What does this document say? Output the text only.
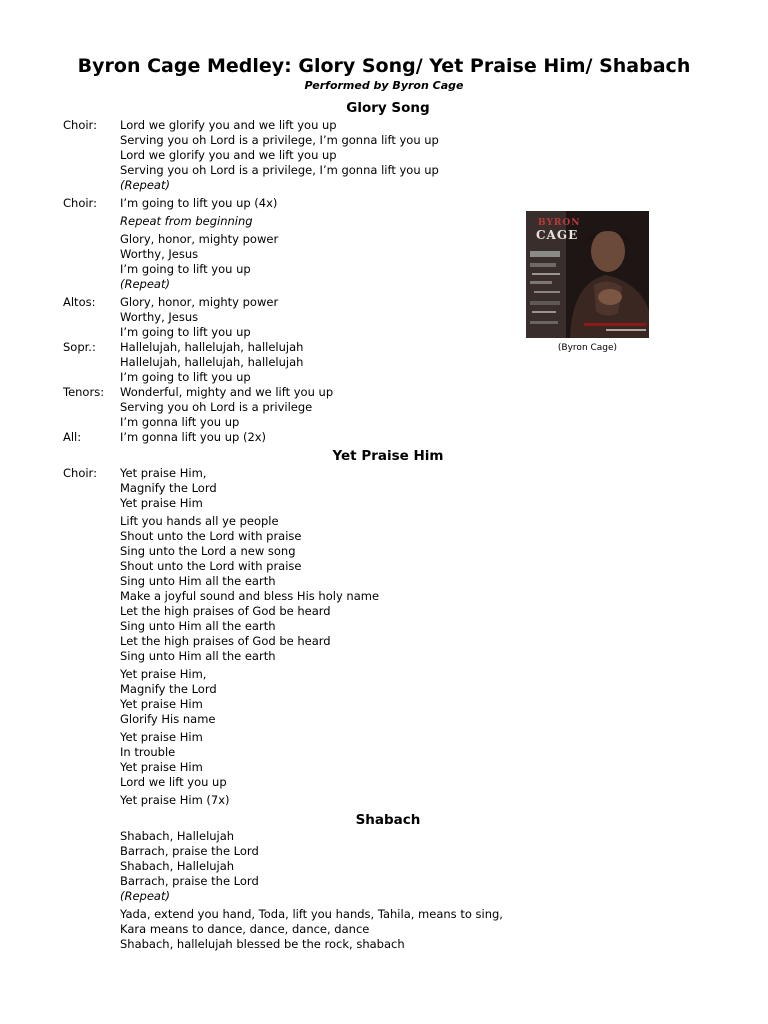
Byron Cage Medley: Glory Song/ Yet Praise Him/ Shabach
Performed by Byron Cage
Glory Song
Choir: Lord we glorify you and we lift you up
Serving you oh Lord is a privilege, I’m gonna lift you up
Lord we glorify you and we lift you up
Serving you oh Lord is a privilege, I’m gonna lift you up
(Repeat)
Choir: I’m going to lift you up (4x)
Repeat from beginning
Glory, honor, mighty power
Worthy, Jesus
I’m going to lift you up
(Repeat)
Altos: Glory, honor, mighty power
Worthy, Jesus
I’m going to lift you up
Sopr.: Hallelujah, hallelujah, hallelujah
Hallelujah, hallelujah, hallelujah
I’m going to lift you up
Tenors: Wonderful, mighty and we lift you up
Serving you oh Lord is a privilege
I’m gonna lift you up
All:	I’m gonna lift you up (2x)
Yet Praise Him
Choir: Yet praise Him,
Magnify the Lord
Yet praise Him
Lift you hands all ye people
Shout unto the Lord with praise
Sing unto the Lord a new song
Shout unto the Lord with praise
Sing unto Him all the earth
Make a joyful sound and bless His holy name
Let the high praises of God be heard
Sing unto Him all the earth
Let the high praises of God be heard
Sing unto Him all the earth
Yet praise Him,
Magnify the Lord
Yet praise Him
Glorify His name
Yet praise Him
In trouble
Yet praise Him
Lord we lift you up
Yet praise Him (7x)
Shabach
Shabach, Hallelujah
Barrach, praise the Lord
Shabach, Hallelujah
Barrach, praise the Lord
(Repeat)
Yada, extend you hand, Toda, lift you hands, Tahila, means to sing,
Kara means to dance, dance, dance, dance
Shabach, hallelujah blessed be the rock, shabach
BYRON
CAGE
(Byron Cage)
